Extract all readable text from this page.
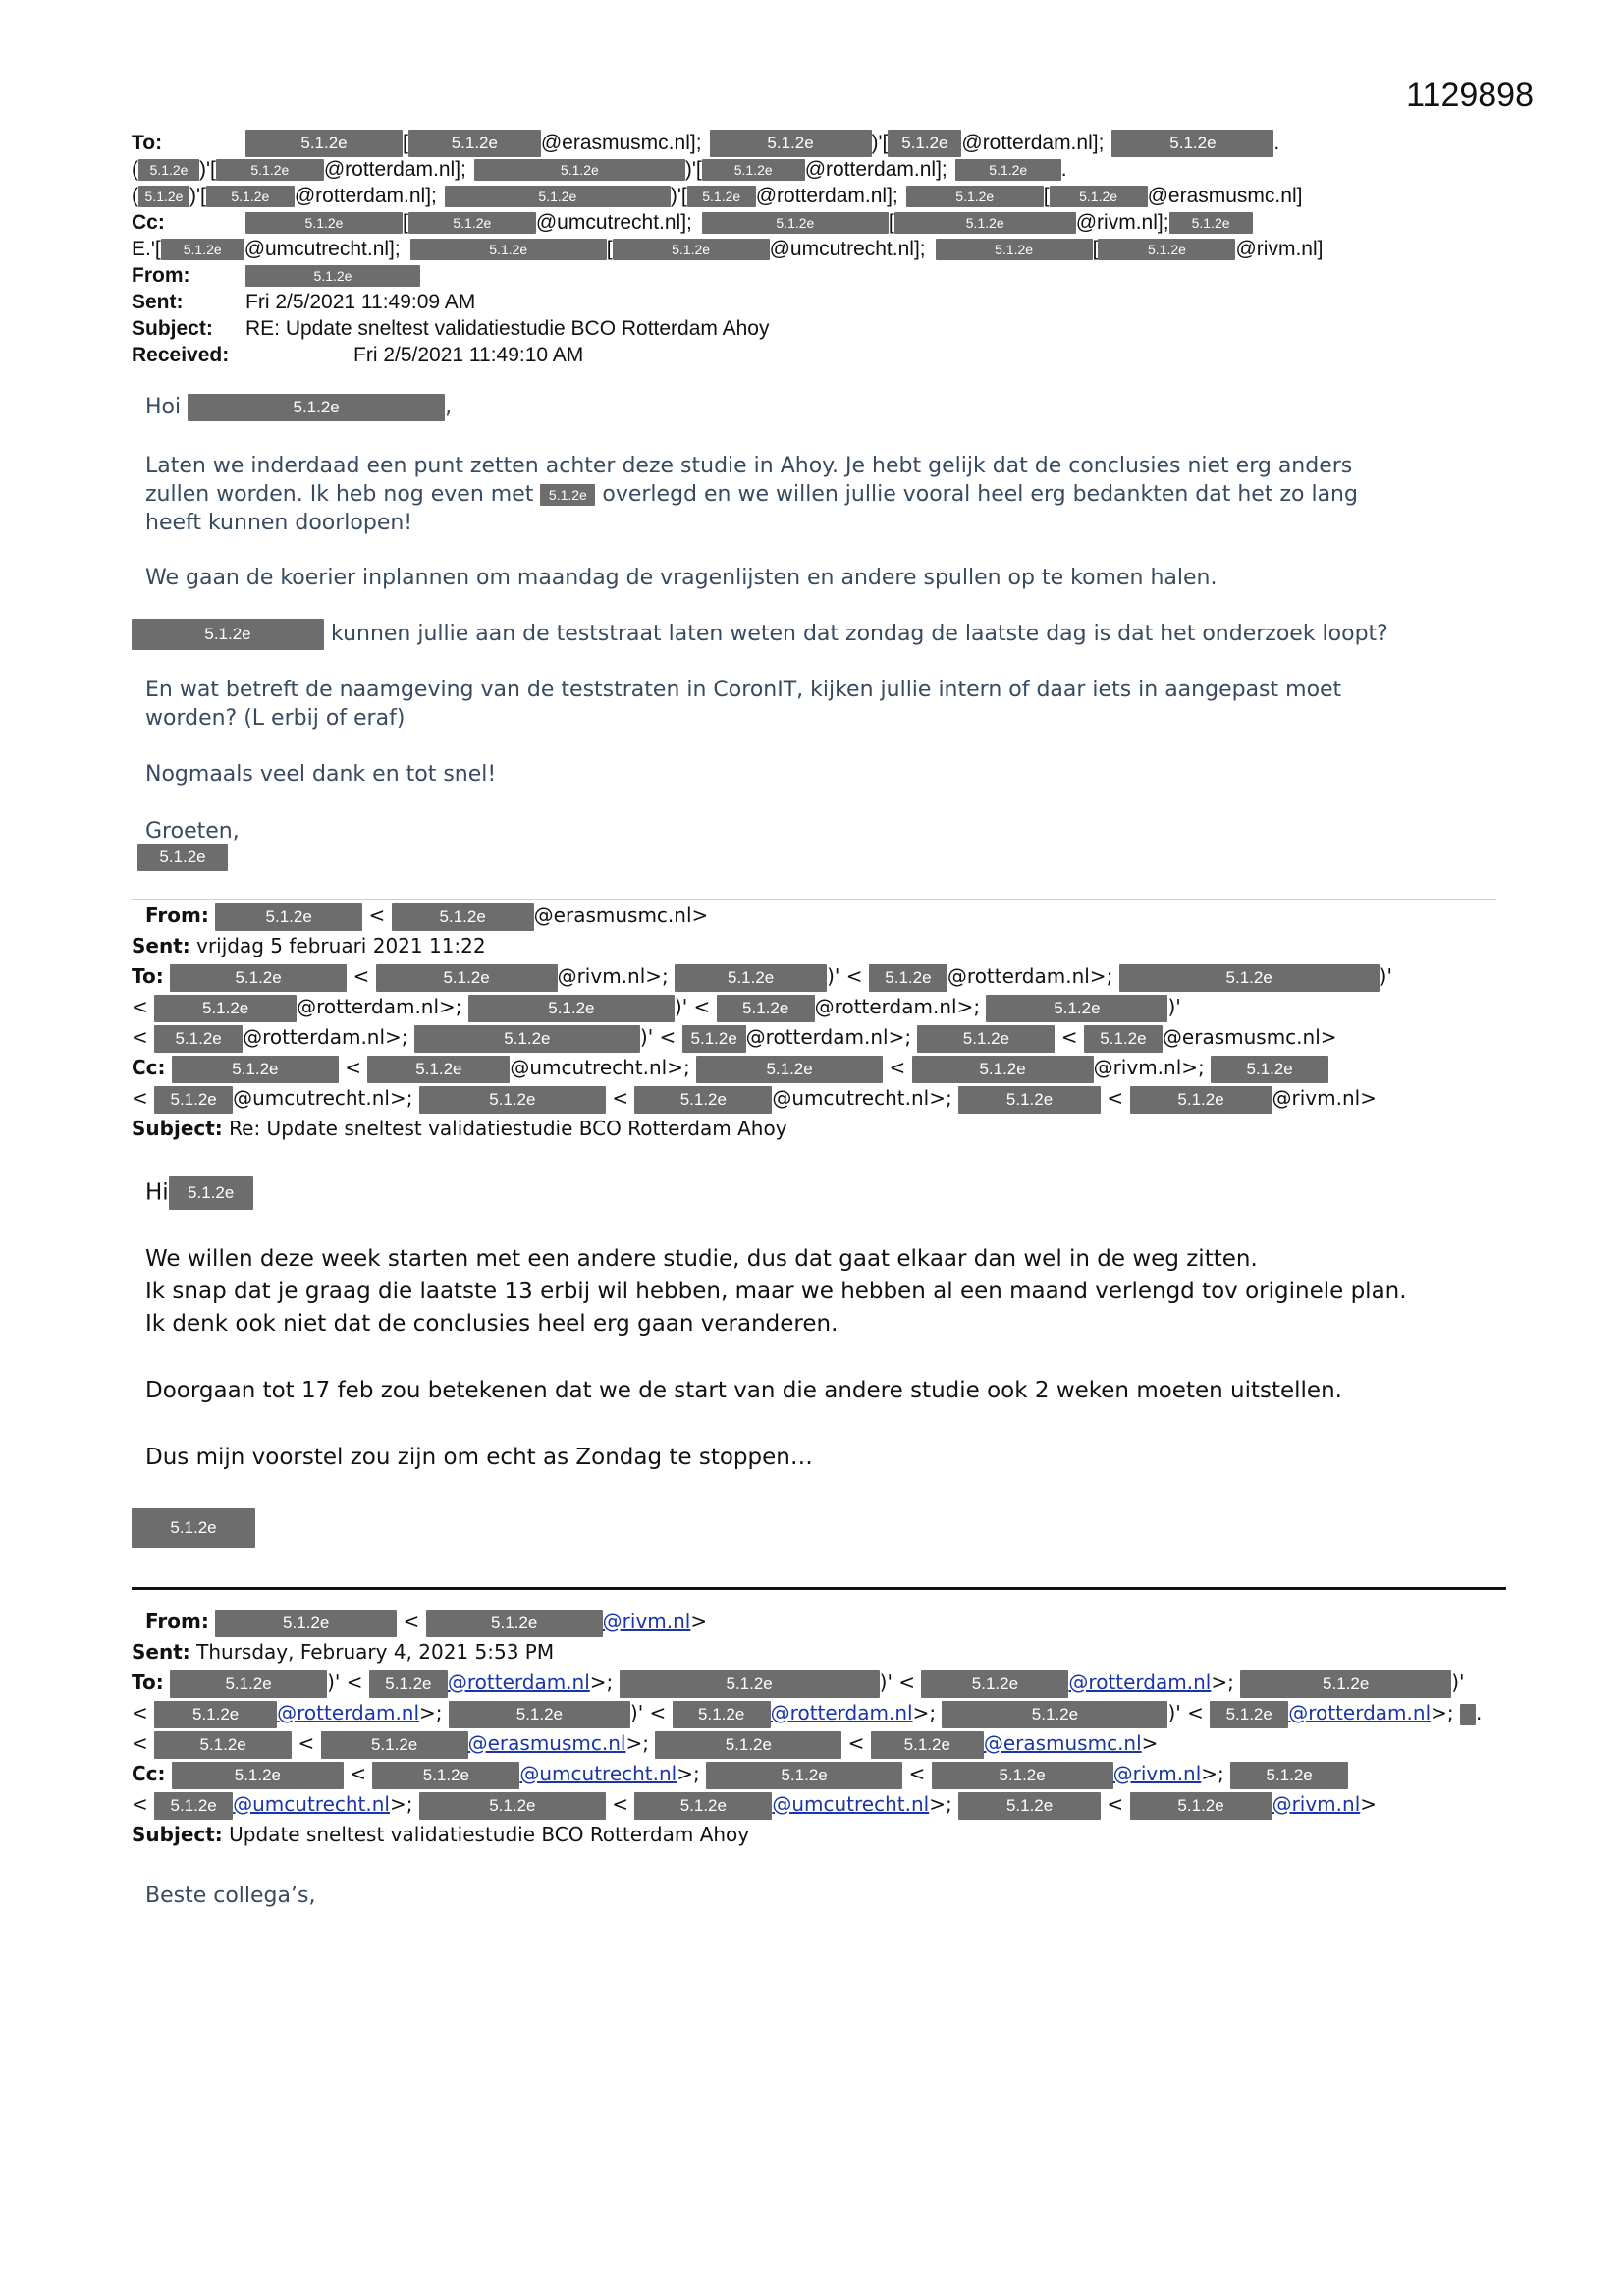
1129898
To:	5.1.2e	[	5.1.2e @erasmusmc.nl];	5.1.2e	)'[ 5.1.2e @rotterdam.nl];	5.1.2e	.
( 5.1.2e )'[	5.1.2e @rotterdam.nl];	5.1.2e	)'[ 5.1.2e @rotterdam.nl];	5.1.2e .
( 5.1.2e )'[ 5.1.2e @rotterdam.nl];	5.1.2e	)'[ 5.1.2e @rotterdam.nl];	5.1.2e [ 5.1.2e @erasmusmc.nl]
Cc:	5.1.2e	[	5.1.2e @umcutrecht.nl];	5.1.2e	[	5.1.2e	@rivm.nl]; 5.1.2e
E.'[ 5.1.2e @umcutrecht.nl];	5.1.2e	[	5.1.2e	@umcutrecht.nl];	5.1.2e	[	5.1.2e @rivm.nl]
From:	5.1.2e
Sent:	Fri 2/5/2021 11:49:09 AM
Subject: RE: Update sneltest validatiestudie BCO Rotterdam Ahoy
Received:	Fri 2/5/2021 11:49:10 AM
Hoi	5.1.2e	,
Laten we inderdaad een punt zetten achter deze studie in Ahoy. Je hebt gelijk dat de conclusies niet erg anders
zullen worden. Ik heb nog even met 5.1.2e overlegd en we willen jullie vooral heel erg bedankten dat het zo lang
heeft kunnen doorlopen!
We gaan de koerier inplannen om maandag de vragenlijsten en andere spullen op te komen halen.
5.1.2e	kunnen jullie aan de teststraat laten weten dat zondag de laatste dag is dat het onderzoek loopt?
En wat betreft de naamgeving van de teststraten in CoronIT, kijken jullie intern of daar iets in aangepast moet
worden? (L erbij of eraf)
Nogmaals veel dank en tot snel!
Groeten,
5.1.2e
From:	5.1.2e	<	5.1.2e @erasmusmc.nl>
Sent: vrijdag 5 februari 2021 11:22
To:	5.1.2e	<	5.1.2e	@rivm.nl>;	5.1.2e	)' < 5.1.2e @rotterdam.nl>;	5.1.2e	)'
<	5.1.2e @rotterdam.nl>;	5.1.2e	)' < 5.1.2e @rotterdam.nl>;	5.1.2e	)'
< 5.1.2e @rotterdam.nl>;	5.1.2e	)' < 5.1.2e @rotterdam.nl>;	5.1.2e < 5.1.2e @erasmusmc.nl>
Cc:	5.1.2e	<	5.1.2e @umcutrecht.nl>;	5.1.2e	<	5.1.2e	@rivm.nl>;	5.1.2e
< 5.1.2e @umcutrecht.nl>;	5.1.2e	<	5.1.2e @umcutrecht.nl>;	5.1.2e <	5.1.2e @rivm.nl>
Subject: Re: Update sneltest validatiestudie BCO Rotterdam Ahoy
Hi 5.1.2e
We willen deze week starten met een andere studie, dus dat gaat elkaar dan wel in de weg zitten.
Ik snap dat je graag die laatste 13 erbij wil hebben, maar we hebben al een maand verlengd tov originele plan.
Ik denk ook niet dat de conclusies heel erg gaan veranderen.
Doorgaan tot 17 feb zou betekenen dat we de start van die andere studie ook 2 weken moeten uitstellen.
Dus mijn voorstel zou zijn om echt as Zondag te stoppen…
5.1.2e
From:	5.1.2e	<	5.1.2e	@rivm.nl>
Sent: Thursday, February 4, 2021 5:53 PM
To:	5.1.2e	)' < 5.1.2e @rotterdam.nl>;	5.1.2e	)' <	5.1.2e	@rotterdam.nl>;	5.1.2e	)'
< 5.1.2e @rotterdam.nl>;	5.1.2e	)' < 5.1.2e @rotterdam.nl>;	5.1.2e	)' < 5.1.2e @rotterdam.nl>; .
<	5.1.2e <	5.1.2e	@erasmusmc.nl>;	5.1.2e	< 5.1.2e @erasmusmc.nl>
Cc:	5.1.2e	<	5.1.2e	@umcutrecht.nl>;	5.1.2e	<	5.1.2e	@rivm.nl>; 5.1.2e
< 5.1.2e @umcutrecht.nl>;	5.1.2e	<	5.1.2e @umcutrecht.nl>;	5.1.2e <	5.1.2e @rivm.nl>
Subject: Update sneltest validatiestudie BCO Rotterdam Ahoy
Beste collega’s,
